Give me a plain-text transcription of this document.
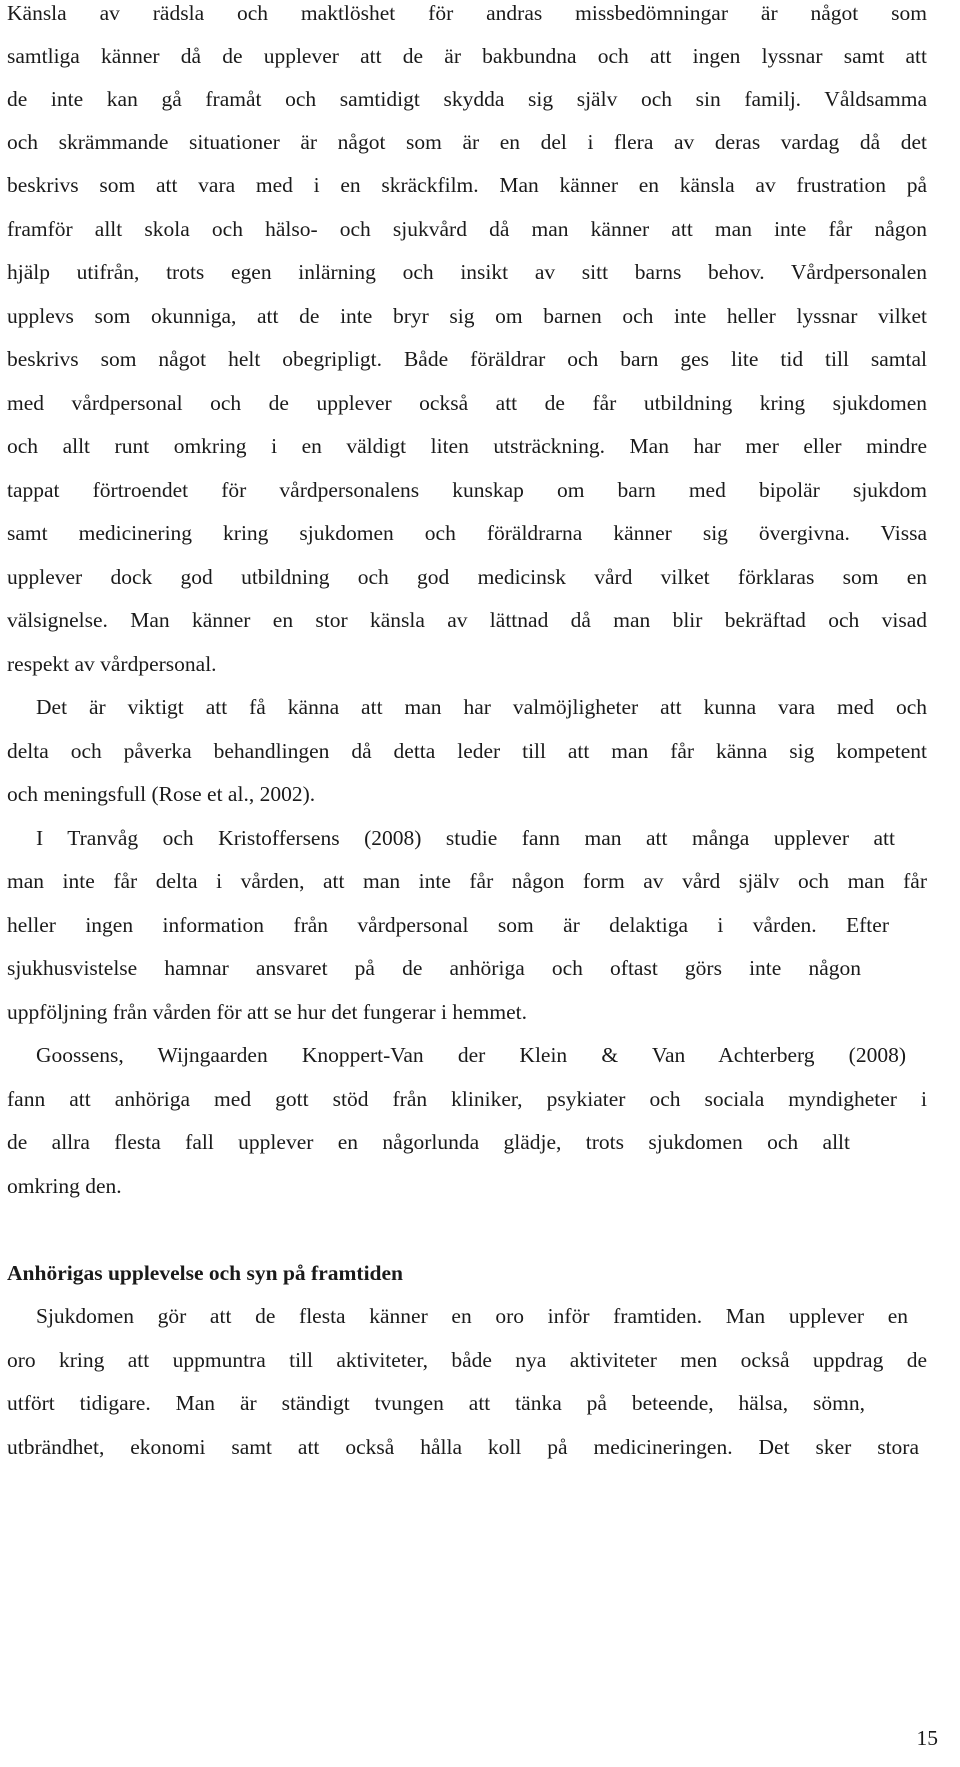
Känsla av rädsla och maktlöshet för andras missbedömningar är något som
samtliga känner då de upplever att de är bakbundna och att ingen lyssnar samt att
de inte kan gå framåt och samtidigt skydda sig själv och sin familj. Våldsamma
och skrämmande situationer är något som är en del i flera av deras vardag då det
beskrivs som att vara med i en skräckfilm. Man känner en känsla av frustration på
framför allt skola och hälso- och sjukvård då man känner att man inte får någon
hjälp utifrån, trots egen inlärning och insikt av sitt barns behov. Vårdpersonalen
upplevs som okunniga, att de inte bryr sig om barnen och inte heller lyssnar vilket
beskrivs som något helt obegripligt. Både föräldrar och barn ges lite tid till samtal
med vårdpersonal och de upplever också att de får utbildning kring sjukdomen
och allt runt omkring i en väldigt liten utsträckning. Man har mer eller mindre
tappat förtroendet för vårdpersonalens kunskap om barn med bipolär sjukdom
samt medicinering kring sjukdomen och föräldrarna känner sig övergivna. Vissa
upplever dock god utbildning och god medicinsk vård vilket förklaras som en
välsignelse. Man känner en stor känsla av lättnad då man blir bekräftad och visad
respekt av vårdpersonal.
Det är viktigt att få känna att man har valmöjligheter att kunna vara med och
delta och påverka behandlingen då detta leder till att man får känna sig kompetent
och meningsfull (Rose et al., 2002).
I Tranvåg och Kristoffersens (2008) studie fann man att många upplever att
man inte får delta i vården, att man inte får någon form av vård själv och man får
heller ingen information från vårdpersonal som är delaktiga i vården. Efter
sjukhusvistelse hamnar ansvaret på de anhöriga och oftast görs inte någon
uppföljning från vården för att se hur det fungerar i hemmet.
Goossens, Wijngaarden Knoppert-Van der Klein & Van Achterberg (2008)
fann att anhöriga med gott stöd från kliniker, psykiater och sociala myndigheter i
de allra flesta fall upplever en någorlunda glädje, trots sjukdomen och allt
omkring den.
Anhörigas upplevelse och syn på framtiden
Sjukdomen gör att de flesta känner en oro inför framtiden. Man upplever en
oro kring att uppmuntra till aktiviteter, både nya aktiviteter men också uppdrag de
utfört tidigare. Man är ständigt tvungen att tänka på beteende, hälsa, sömn,
utbrändhet, ekonomi samt att också hålla koll på medicineringen. Det sker stora
15
